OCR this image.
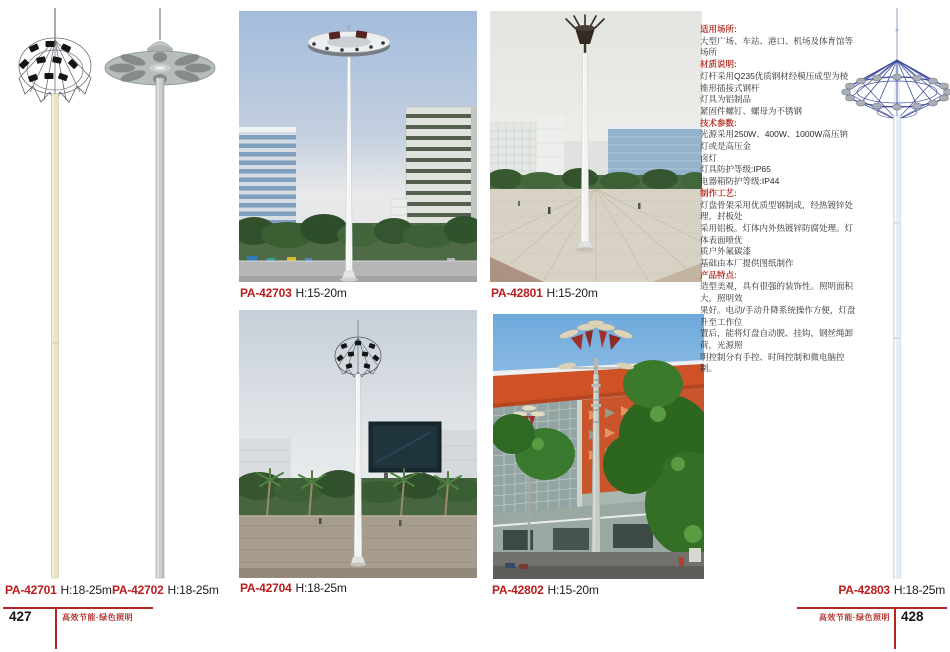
适用场所:
大型广场、车站、港口、机场及体育馆等场所
材质说明:
灯杆采用Q235优质钢材经模压成型为棱锥形插接式钢杆
灯具为铝制品
紧固件螺钉、螺母为不锈钢
技术参数:
光源采用250W、400W、1000W高压钠灯或是高压金
卤灯
灯具防护等级:IP65
电器箱防护等级:IP44
制作工艺:
灯盘骨架采用优质型钢制成，经热镀锌处理，封板处
采用铝板。灯体内外热镀锌防腐处理。灯体表面喷优
质户外氟碳漆
基础由本厂提供图纸制作
产品特点:
造型美观，具有很强的装饰性。照明面积大，照明效
果好。电动/手动升降系统操作方便，灯盘升至工作位
置后，能将灯盘自动脱、挂钩，钢丝绳卸荷，光源照
明控制分有手控、时间控制和微电脑控制。
PA-42701 H:18-25m PA-42702 H:18-25m
PA-42703 H:15-20m
PA-42704 H:18-25m
PA-42801 H:15-20m
PA-42802 H:15-20m	PA-42803 H:18-25m
427	高效节能·绿色照明	高效节能·绿色照明 428
